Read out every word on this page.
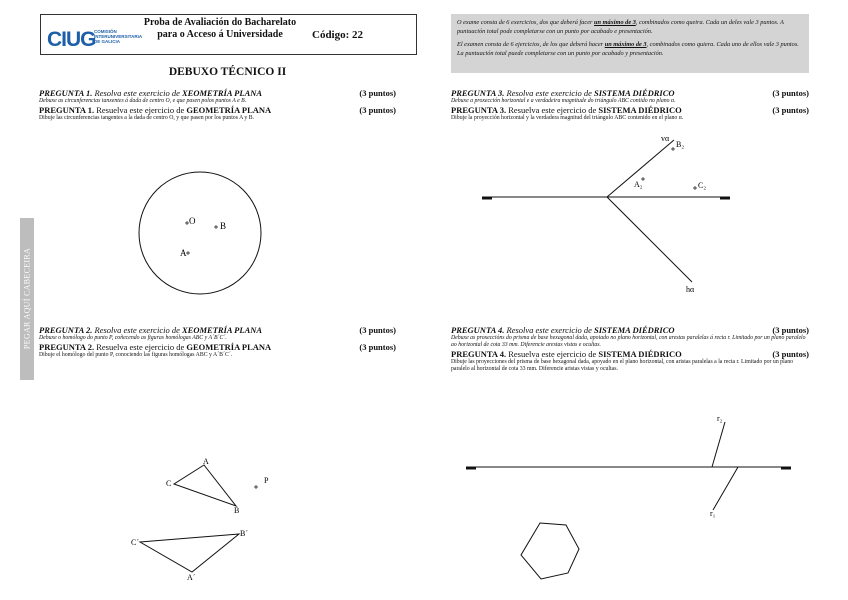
CIUG
COMISIÓN
INTERUNIVERSITARIA
DE GALICIA
Proba de Avaliación do Bacharelato
para o Acceso á Universidade	Código: 22
DEBUXO TÉCNICO II

O exame consta de 6 exercicios, dos que deberá facer un máximo de 3, combinados como queira. Cada un deles vale 3 puntos. A puntuación total pode completarse con un punto por acabado e presentación.

El examen consta de 6 ejercicios, de los que deberá hacer un máximo de 3, combinados como quiera. Cada uno de ellos vale 3 puntos. La puntuación total puede completarse con un punto por acabado y presentación.

PEGAR AQUÍ CABECEIRA
PREGUNTA 1. Resolva este exercicio de XEOMETRÍA PLANA	(3 puntos)
Debuxe as circunferencias tanxentes á dada de centro O, e que pasen polos puntos A e B.
PREGUNTA 1. Resuelva este ejercicio de GEOMETRÍA PLANA	(3 puntos)
Dibuje las circunferencias tangentes a la dada de centro O, y que pasen por los puntos A y B.
PREGUNTA 2. Resolva este exercicio de XEOMETRÍA PLANA	(3 puntos)
Debuxe o homólogo do punto P, coñecendo as figuras homólogas ABC y A´B´C´.
PREGUNTA 2. Resuelva este ejercicio de GEOMETRÍA PLANA	(3 puntos)
Dibuje el homólogo del punto P, conociendo las figuras homólogas ABC y A´B´C´.
PREGUNTA 3. Resolva este exercicio de SISTEMA DIÉDRICO	(3 puntos)
Debuxe a proxección horizontal e a verdadeira magnitude do triángulo ABC contido no plano α.
PREGUNTA 3. Resuelva este ejercicio de SISTEMA DIÉDRICO	(3 puntos)
Dibuje la proyección horizontal y la verdadera magnitud del triángulo ABC contenido en el plano α.
PREGUNTA 4. Resolva este exercicio de SISTEMA DIÉDRICO	(3 puntos)
Debuxe as proxeccións do prisma de base hexagonal dada, apoiado no plano horizontal, con arestas paralelas á recta r. Limitado por un plano paralelo ao horizontal de cota 33 mm. Diferencie arestas vistas e ocultas.
PREGUNTA 4. Resuelva este ejercicio de SISTEMA DIÉDRICO	(3 puntos)
Dibuje las proyecciones del prisma de base hexagonal dada, apoyado en el plano horizontal, con aristas paralelas a la recta r. Limitado por un plano paralelo al horizontal de cota 33 mm. Diferencie aristas vistas y ocultas.
O	B
A
A
C
B
P
C´
B´
A´
vα
B₂
A₂	C₂
hα
r₂
r₁
